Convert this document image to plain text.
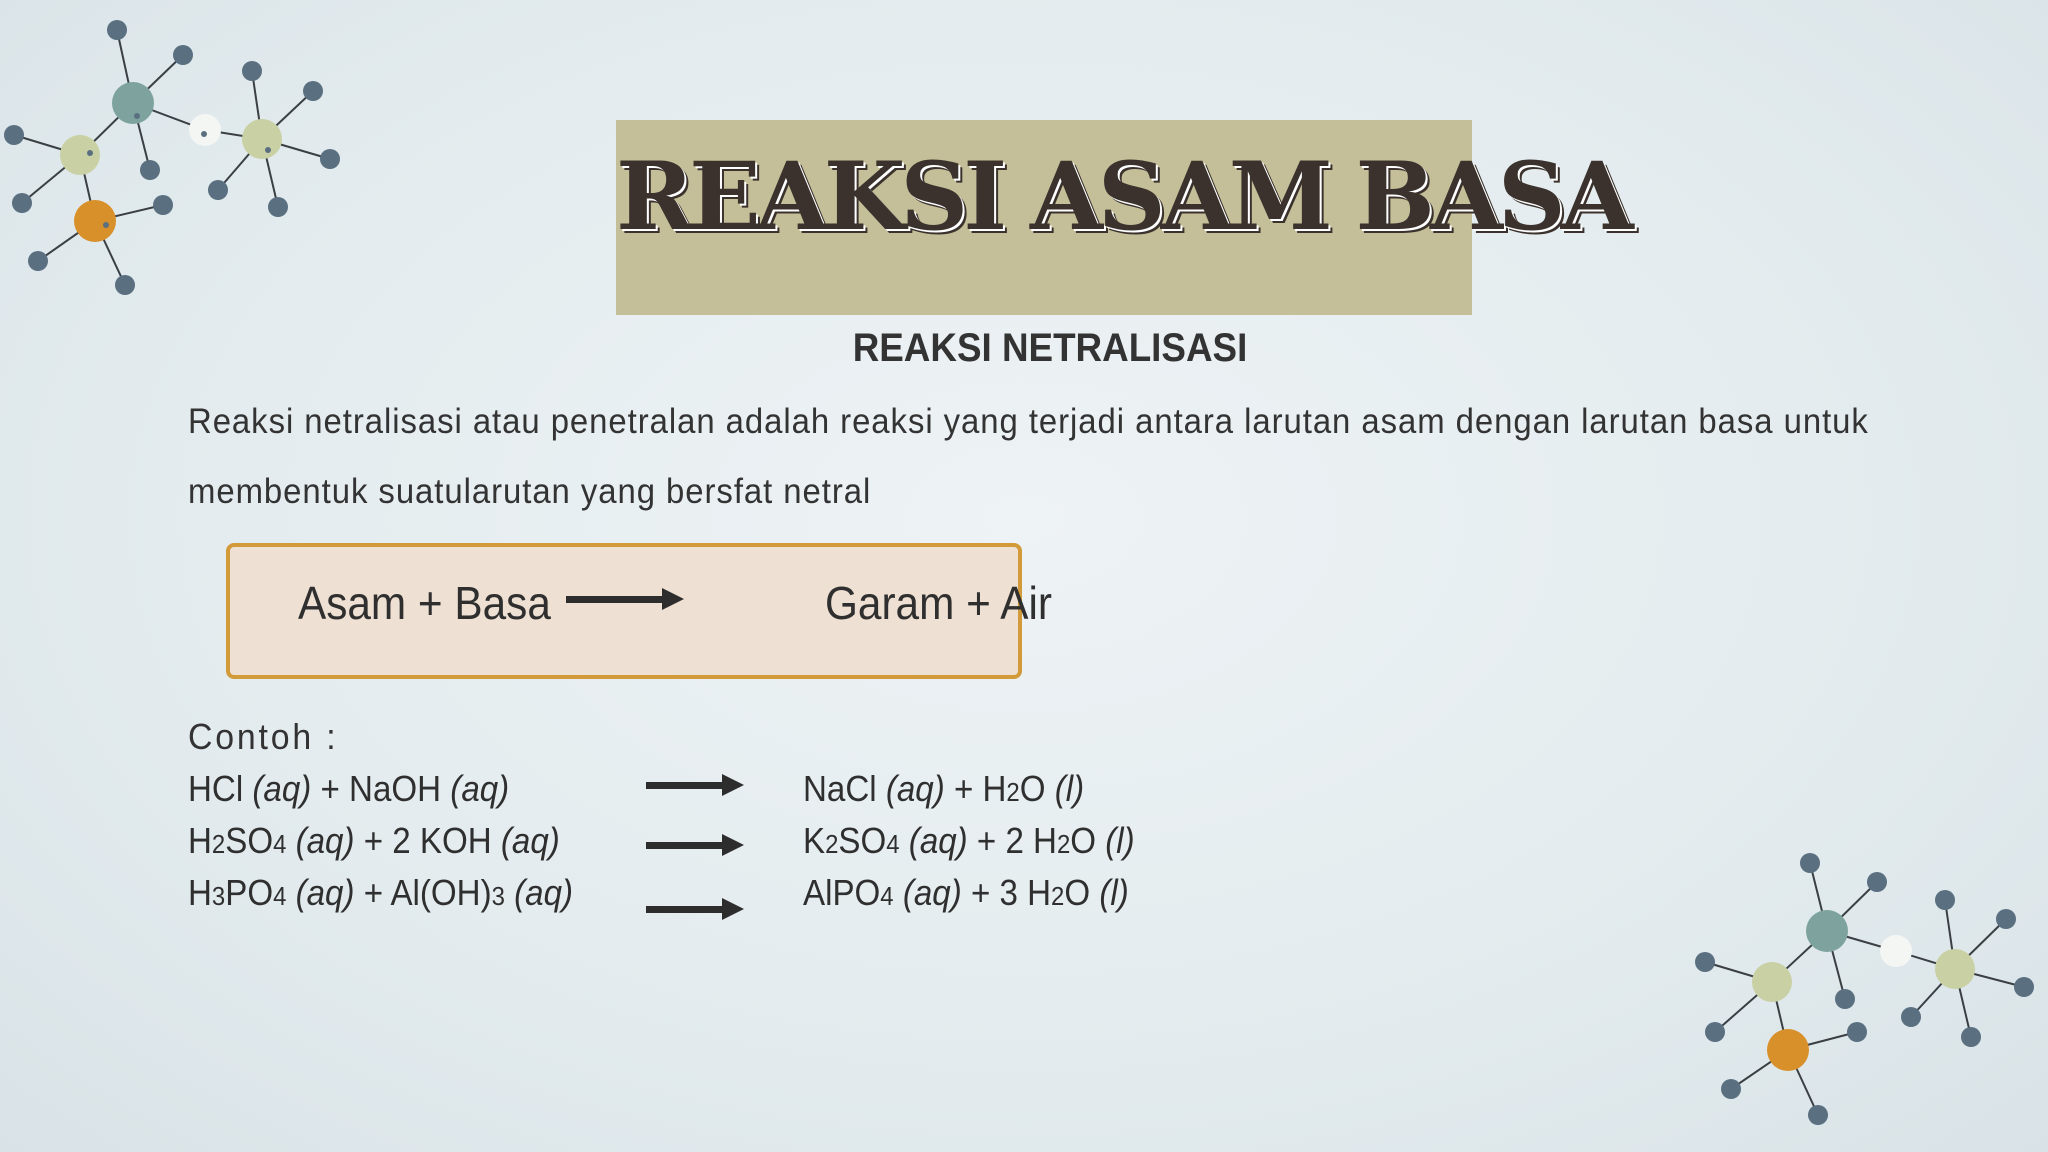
REAKSI ASAM BASA
REAKSI NETRALISASI
Reaksi netralisasi atau penetralan adalah reaksi yang terjadi antara larutan asam dengan larutan basa untuk
membentuk suatularutan yang bersfat netral
Asam + Basa	Garam + Air
Contoh :
HCl (aq) + NaOH (aq)	NaCl (aq) + H2O (l)
H2SO4 (aq) + 2 KOH (aq)	K2SO4 (aq) + 2 H2O (l)
H3PO4 (aq) + Al(OH)3 (aq)	AlPO4 (aq) + 3 H2O (l)
